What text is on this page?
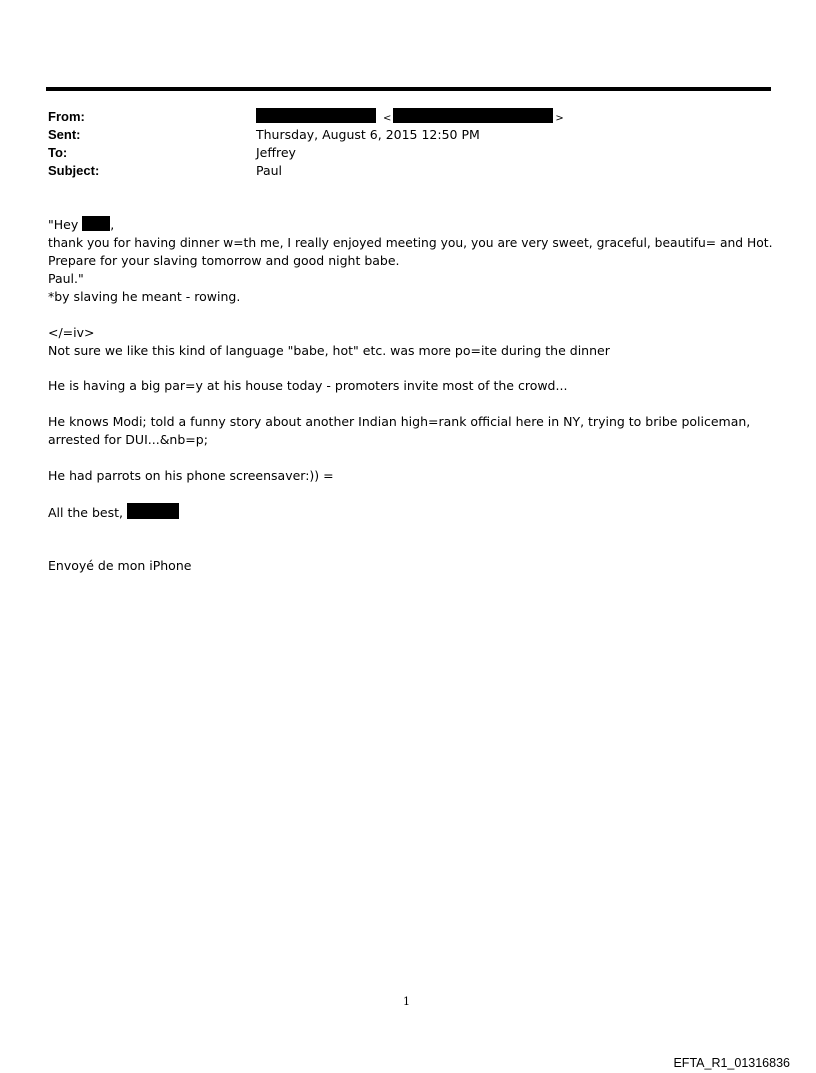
From:
Sent:
To:
Subject:
<	>
Thursday, August 6, 2015 12:50 PM
Jeffrey
Paul
"Hey ,
thank you for having dinner w=th me, I really enjoyed meeting you, you are very sweet, graceful, beautifu= and Hot.
Prepare for your slaving tomorrow and good night babe.
Paul."
*by slaving he meant - rowing.
</=iv>
Not sure we like this kind of language "babe, hot" etc. was more po=ite during the dinner
He is having a big par=y at his house today - promoters invite most of the crowd...
He knows Modi; told a funny story about another Indian high=rank official here in NY, trying to bribe policeman,
arrested for DUI...&nb=p;
He had parrots on his phone screensaver:)) =
All the best,
Envoyé de mon iPhone
1
EFTA_R1_01316836
